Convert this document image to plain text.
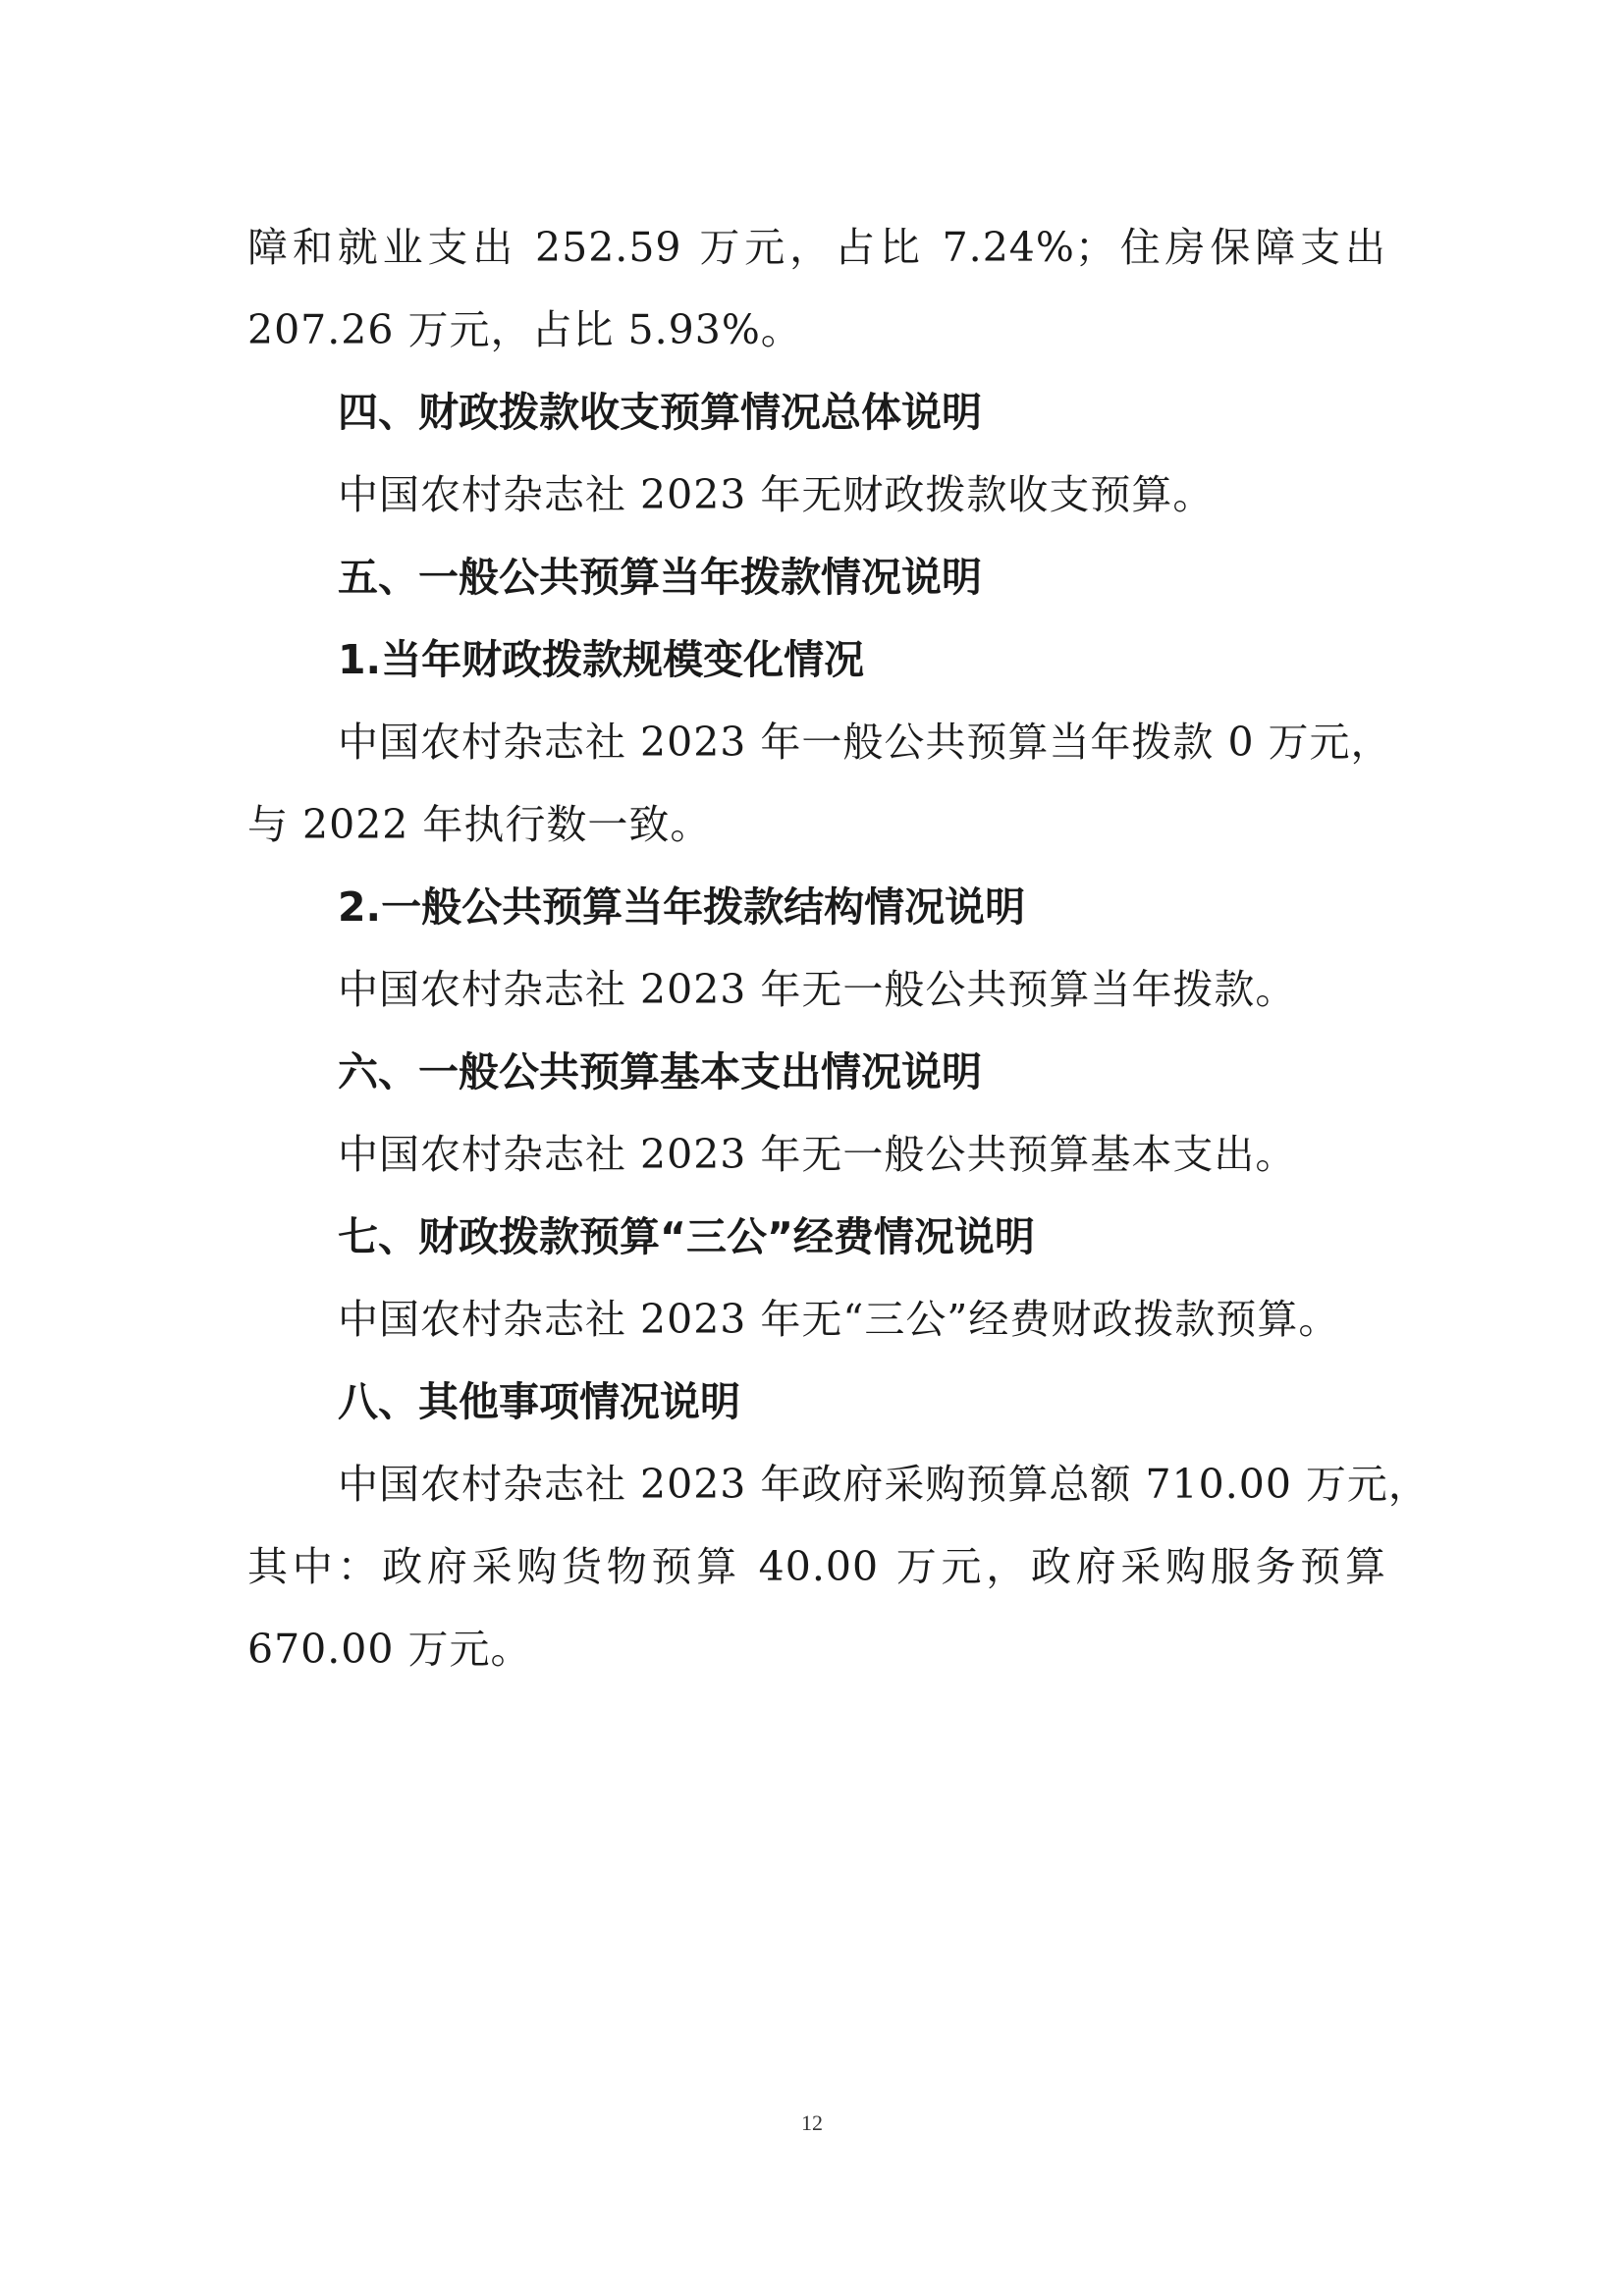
障和就业支出 252.59 万元，占比 7.24%；住房保障支出
207.26 万元，占比 5.93%。
四、财政拨款收支预算情况总体说明
中国农村杂志社 2023 年无财政拨款收支预算。
五、一般公共预算当年拨款情况说明
1.当年财政拨款规模变化情况
中国农村杂志社 2023 年一般公共预算当年拨款 0 万元，
与 2022 年执行数一致。
2.一般公共预算当年拨款结构情况说明
中国农村杂志社 2023 年无一般公共预算当年拨款。
六、一般公共预算基本支出情况说明
中国农村杂志社 2023 年无一般公共预算基本支出。
七、财政拨款预算“三公”经费情况说明
中国农村杂志社 2023 年无“三公”经费财政拨款预算。
八、其他事项情况说明
中国农村杂志社 2023 年政府采购预算总额 710.00 万元，
其中：政府采购货物预算 40.00 万元，政府采购服务预算
670.00 万元。
12
